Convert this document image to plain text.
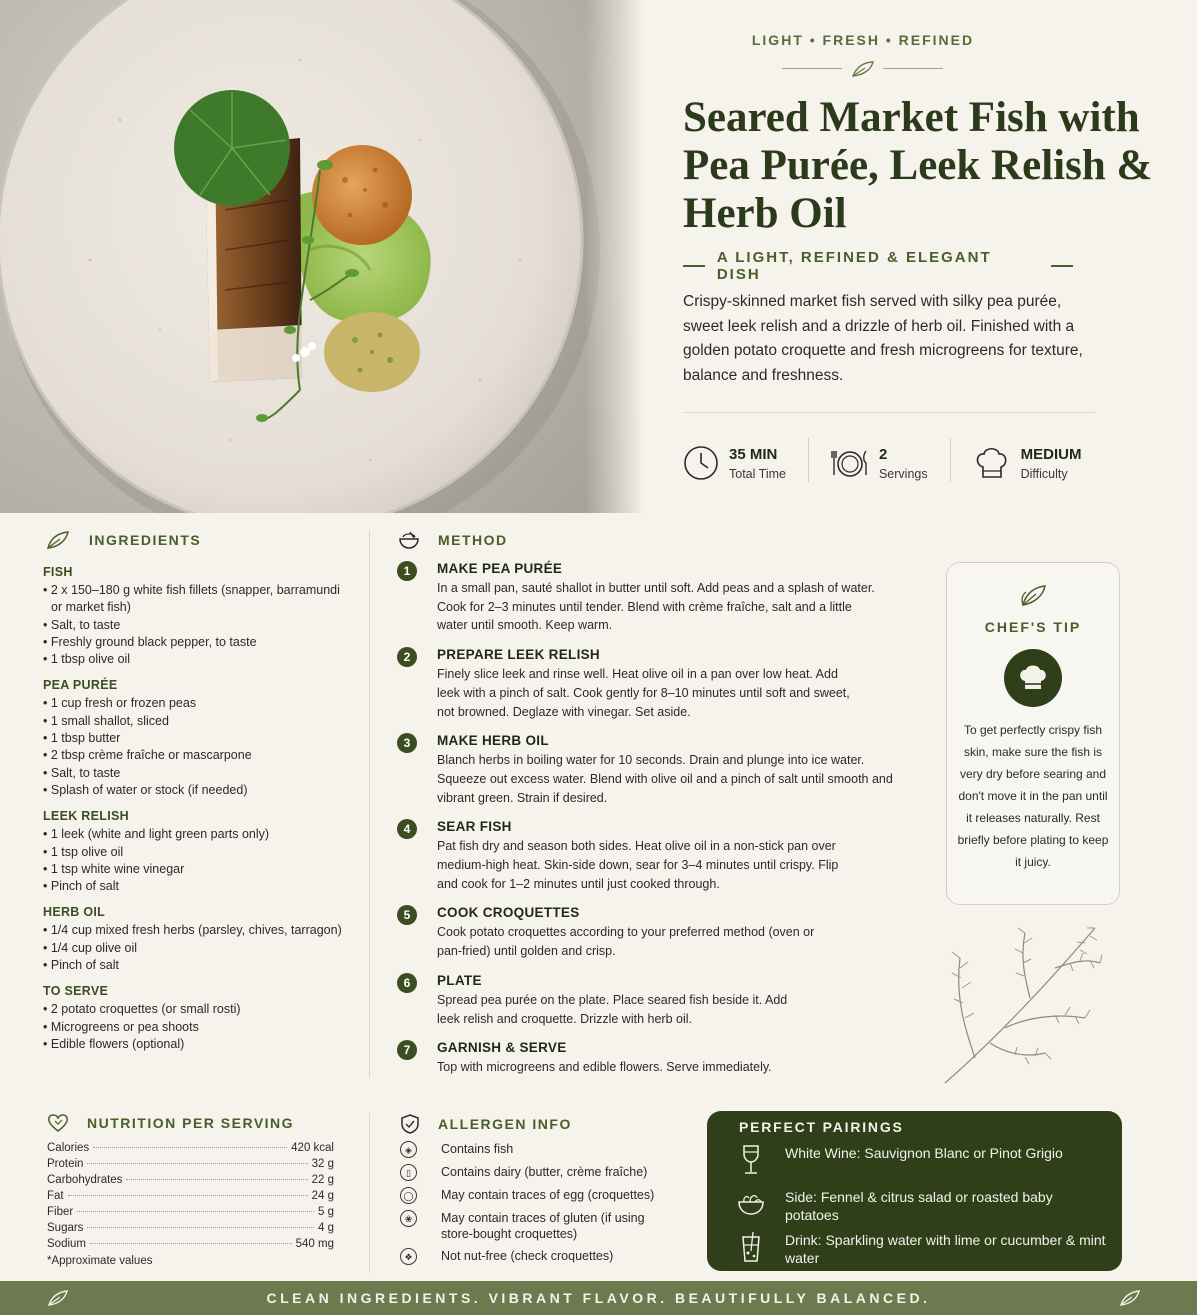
LIGHT • FRESH • REFINED
Seared Market Fish with Pea Purée, Leek Relish & Herb Oil
A LIGHT, REFINED & ELEGANT DISH

Crispy-skinned market fish served with silky pea purée, sweet leek relish and a drizzle of herb oil. Finished with a golden potato croquette and fresh microgreens for texture, balance and freshness.

35 MIN
Total Time
2
Servings
MEDIUM
Difficulty
INGREDIENTS
FISH
• 2 x 150–180 g white fish fillets (snapper, barramundi or market fish)
• Salt, to taste
• Freshly ground black pepper, to taste
• 1 tbsp olive oil
PEA PURÉE
• 1 cup fresh or frozen peas
• 1 small shallot, sliced
• 1 tbsp butter
• 2 tbsp crème fraîche or mascarpone
• Salt, to taste
• Splash of water or stock (if needed)
LEEK RELISH
• 1 leek (white and light green parts only)
• 1 tsp olive oil
• 1 tsp white wine vinegar
• Pinch of salt
HERB OIL
• 1/4 cup mixed fresh herbs (parsley, chives, tarragon)
• 1/4 cup olive oil
• Pinch of salt
TO SERVE
• 2 potato croquettes (or small rosti)
• Microgreens or pea shoots
• Edible flowers (optional)
METHOD
1	MAKE PEA PURÉE

In a small pan, sauté shallot in butter until soft. Add peas and a splash of water. Cook for 2–3 minutes until tender. Blend with crème fraîche, salt and a little water until smooth. Keep warm.

2	PREPARE LEEK RELISH

Finely slice leek and rinse well. Heat olive oil in a pan over low heat. Add leek with a pinch of salt. Cook gently for 8–10 minutes until soft and sweet, not browned. Deglaze with vinegar. Set aside.

3	MAKE HERB OIL

Blanch herbs in boiling water for 10 seconds. Drain and plunge into ice water. Squeeze out excess water. Blend with olive oil and a pinch of salt until smooth and vibrant green. Strain if desired.

4	SEAR FISH

Pat fish dry and season both sides. Heat olive oil in a non-stick pan over medium-high heat. Skin-side down, sear for 3–4 minutes until crispy. Flip and cook for 1–2 minutes until just cooked through.

5	COOK CROQUETTES

Cook potato croquettes according to your preferred method (oven or pan-fried) until golden and crisp.

6	PLATE

Spread pea purée on the plate. Place seared fish beside it. Add leek relish and croquette. Drizzle with herb oil.

7	GARNISH & SERVE

Top with microgreens and edible flowers. Serve immediately.

CHEF'S TIP

To get perfectly crispy fish skin, make sure the fish is very dry before searing and don't move it in the pan until it releases naturally. Rest briefly before plating to keep it juicy.

NUTRITION PER SERVING
Calories	420 kcal
Protein	32 g
Carbohydrates	22 g
Fat	24 g
Fiber	5 g
Sugars	4 g
Sodium	540 mg
*Approximate values
ALLERGEN INFO
◈	Contains fish
▯	Contains dairy (butter, crème fraîche)
◯ May contain traces of egg (croquettes)
❀	May contain traces of gluten (if using store-bought croquettes)
❖	Not nut-free (check croquettes)
PERFECT PAIRINGS
White Wine: Sauvignon Blanc or Pinot Grigio
Side: Fennel & citrus salad or roasted baby potatoes
Drink: Sparkling water with lime or cucumber & mint water
CLEAN INGREDIENTS. VIBRANT FLAVOR. BEAUTIFULLY BALANCED.
